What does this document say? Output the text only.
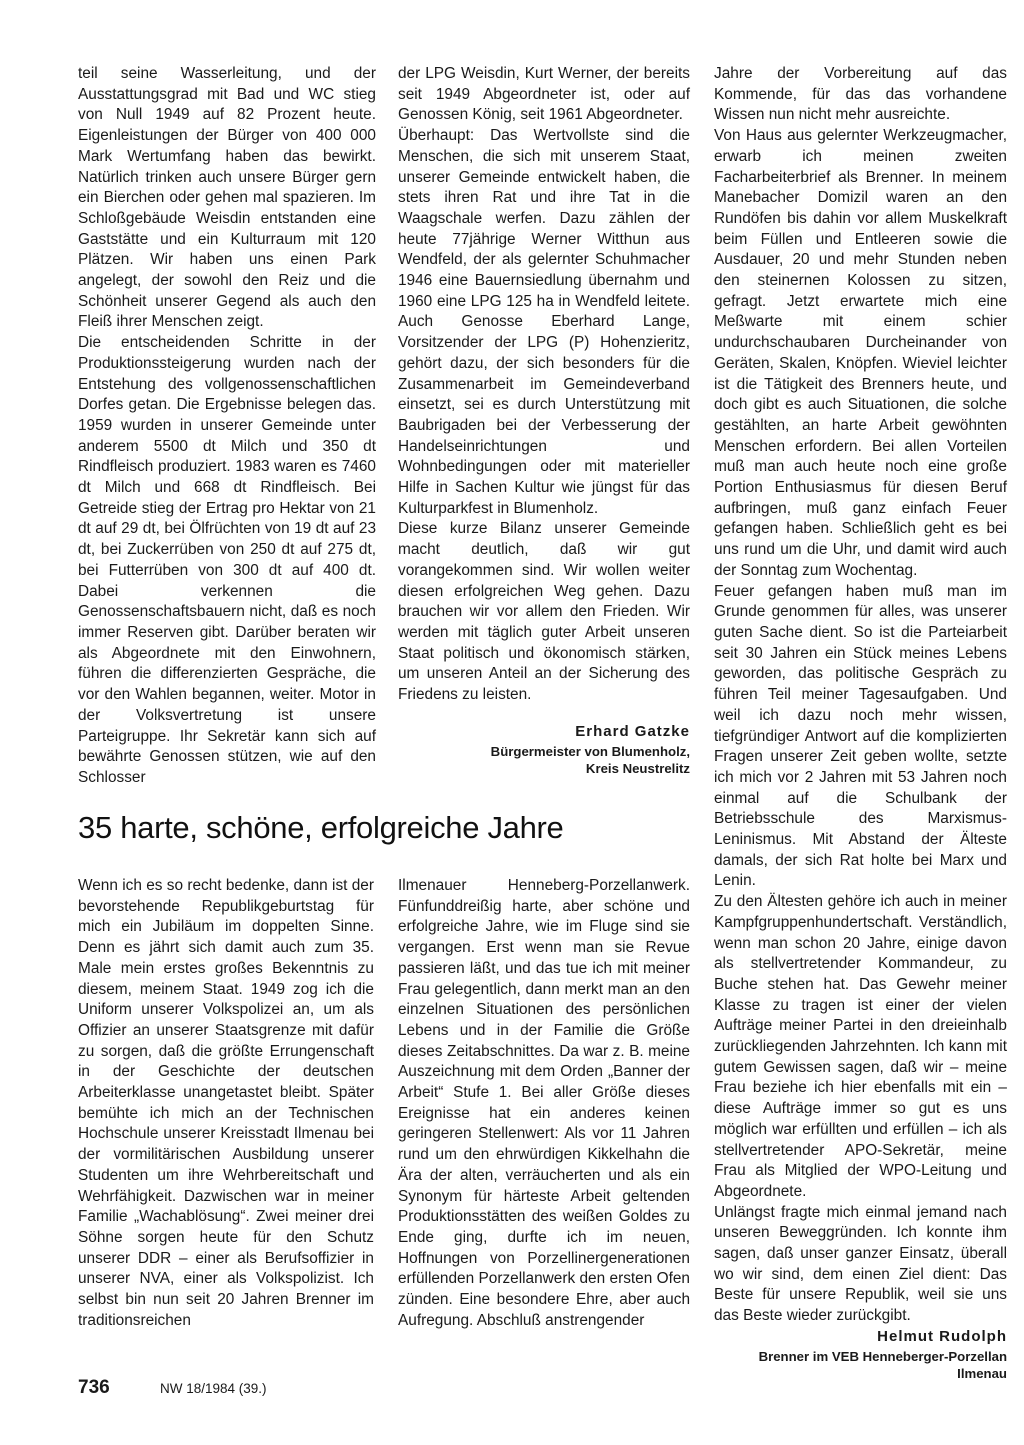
teil seine Wasserleitung, und der Ausstattungsgrad mit Bad und WC stieg von Null 1949 auf 82 Prozent heute. Eigenleistungen der Bürger von 400 000 Mark Wertumfang haben das bewirkt. Natürlich trinken auch unsere Bürger gern ein Bierchen oder gehen mal spazieren. Im Schloßgebäude Weisdin entstanden eine Gaststätte und ein Kulturraum mit 120 Plätzen. Wir haben uns einen Park angelegt, der sowohl den Reiz und die Schönheit unserer Gegend als auch den Fleiß ihrer Menschen zeigt.

Die entscheidenden Schritte in der Produktionssteigerung wurden nach der Entstehung des vollgenossenschaftlichen Dorfes getan. Die Ergebnisse belegen das. 1959 wurden in unserer Gemeinde unter anderem 5500 dt Milch und 350 dt Rindfleisch produziert. 1983 waren es 7460 dt Milch und 668 dt Rindfleisch. Bei Getreide stieg der Ertrag pro Hektar von 21 dt auf 29 dt, bei Ölfrüchten von 19 dt auf 23 dt, bei Zuckerrüben von 250 dt auf 275 dt, bei Futterrüben von 300 dt auf 400 dt. Dabei verkennen die Genossenschaftsbauern nicht, daß es noch immer Reserven gibt. Darüber beraten wir als Abgeordnete mit den Einwohnern, führen die differenzierten Gespräche, die vor den Wahlen begannen, weiter. Motor in der Volksvertretung ist unsere Parteigruppe. Ihr Sekretär kann sich auf bewährte Genossen stützen, wie auf den Schlosser

der LPG Weisdin, Kurt Werner, der bereits seit 1949 Abgeordneter ist, oder auf Genossen König, seit 1961 Abgeordneter.

Überhaupt: Das Wertvollste sind die Menschen, die sich mit unserem Staat, unserer Gemeinde entwickelt haben, die stets ihren Rat und ihre Tat in die Waagschale werfen. Dazu zählen der heute 77jährige Werner Witthun aus Wendfeld, der als gelernter Schuhmacher 1946 eine Bauernsiedlung übernahm und 1960 eine LPG 125 ha in Wendfeld leitete. Auch Genosse Eberhard Lange, Vorsitzender der LPG (P) Hohenzieritz, gehört dazu, der sich besonders für die Zusammenarbeit im Gemeindeverband einsetzt, sei es durch Unterstützung mit Baubrigaden bei der Verbesserung der Handelseinrichtungen und Wohnbedingungen oder mit materieller Hilfe in Sachen Kultur wie jüngst für das Kulturparkfest in Blumenholz.

Diese kurze Bilanz unserer Gemeinde macht deutlich, daß wir gut vorangekommen sind. Wir wollen weiter diesen erfolgreichen Weg gehen. Dazu brauchen wir vor allem den Frieden. Wir werden mit täglich guter Arbeit unseren Staat politisch und ökonomisch stärken, um unseren Anteil an der Sicherung des Friedens zu leisten.

Erhard Gatzke
Bürgermeister von Blumenholz,
Kreis Neustrelitz
35 harte, schöne, erfolgreiche Jahre

Jahre der Vorbereitung auf das Kommende, für das das vorhandene Wissen nun nicht mehr ausreichte.

Von Haus aus gelernter Werkzeugmacher, erwarb ich meinen zweiten Facharbeiterbrief als Brenner. In meinem Manebacher Domizil waren an den Rundöfen bis dahin vor allem Muskelkraft beim Füllen und Entleeren sowie die Ausdauer, 20 und mehr Stunden neben den steinernen Kolossen zu sitzen, gefragt. Jetzt erwartete mich eine Meßwarte mit einem schier undurchschaubaren Durcheinander von Geräten, Skalen, Knöpfen. Wieviel leichter ist die Tätigkeit des Brenners heute, und doch gibt es auch Situationen, die solche gestählten, an harte Arbeit gewöhnten Menschen erfordern. Bei allen Vorteilen muß man auch heute noch eine große Portion Enthusiasmus für diesen Beruf aufbringen, muß ganz einfach Feuer gefangen haben. Schließlich geht es bei uns rund um die Uhr, und damit wird auch der Sonntag zum Wochentag.

Feuer gefangen haben muß man im Grunde genommen für alles, was unserer guten Sache dient. So ist die Parteiarbeit seit 30 Jahren ein Stück meines Lebens geworden, das politische Gespräch zu führen Teil meiner Tagesaufgaben. Und weil ich dazu noch mehr wissen, tiefgründiger Antwort auf die komplizierten Fragen unserer Zeit geben wollte, setzte ich mich vor 2 Jahren mit 53 Jahren noch einmal auf die Schulbank der Betriebsschule des Marxismus-Leninismus. Mit Abstand der Älteste damals, der sich Rat holte bei Marx und Lenin.

Zu den Ältesten gehöre ich auch in meiner Kampfgruppenhundertschaft. Verständlich, wenn man schon 20 Jahre, einige davon als stellvertretender Kommandeur, zu Buche stehen hat. Das Gewehr meiner Klasse zu tragen ist einer der vielen Aufträge meiner Partei in den dreieinhalb zurückliegenden Jahrzehnten. Ich kann mit gutem Gewissen sagen, daß wir – meine Frau beziehe ich hier ebenfalls mit ein – diese Aufträge immer so gut es uns möglich war erfüllten und erfüllen – ich als stellvertretender APO-Sekretär, meine Frau als Mitglied der WPO-Leitung und Abgeordnete.

Unlängst fragte mich einmal jemand nach unseren Beweggründen. Ich konnte ihm sagen, daß unser ganzer Einsatz, überall wo wir sind, dem einen Ziel dient: Das Beste für unsere Republik, weil sie uns das Beste wieder zurückgibt.

Helmut Rudolph
Brenner im VEB Henneberger-Porzellan
Ilmenau

Wenn ich es so recht bedenke, dann ist der bevorstehende Republikgeburtstag für mich ein Jubiläum im doppelten Sinne. Denn es jährt sich damit auch zum 35. Male mein erstes großes Bekenntnis zu diesem, meinem Staat. 1949 zog ich die Uniform unserer Volkspolizei an, um als Offizier an unserer Staatsgrenze mit dafür zu sorgen, daß die größte Errungenschaft in der Geschichte der deutschen Arbeiterklasse unangetastet bleibt. Später bemühte ich mich an der Technischen Hochschule unserer Kreisstadt Ilmenau bei der vormilitärischen Ausbildung unserer Studenten um ihre Wehrbereitschaft und Wehrfähigkeit. Dazwischen war in meiner Familie „Wachablösung“. Zwei meiner drei Söhne sorgen heute für den Schutz unserer DDR – einer als Berufsoffizier in unserer NVA, einer als Volkspolizist. Ich selbst bin nun seit 20 Jahren Brenner im traditionsreichen

Ilmenauer Henneberg-Porzellanwerk. Fünfunddreißig harte, aber schöne und erfolgreiche Jahre, wie im Fluge sind sie vergangen. Erst wenn man sie Revue passieren läßt, und das tue ich mit meiner Frau gelegentlich, dann merkt man an den einzelnen Situationen des persönlichen Lebens und in der Familie die Größe dieses Zeitabschnittes. Da war z. B. meine Auszeichnung mit dem Orden „Banner der Arbeit“ Stufe 1. Bei aller Größe dieses Ereignisse hat ein anderes keinen geringeren Stellenwert: Als vor 11 Jahren rund um den ehrwürdigen Kikkelhahn die Ära der alten, verräucherten und als ein Synonym für härteste Arbeit geltenden Produktionsstätten des weißen Goldes zu Ende ging, durfte ich im neuen, Hoffnungen von Porzellinergenerationen erfüllenden Porzellanwerk den ersten Ofen zünden. Eine besondere Ehre, aber auch Aufregung. Abschluß anstrengender

736	NW 18/1984 (39.)
